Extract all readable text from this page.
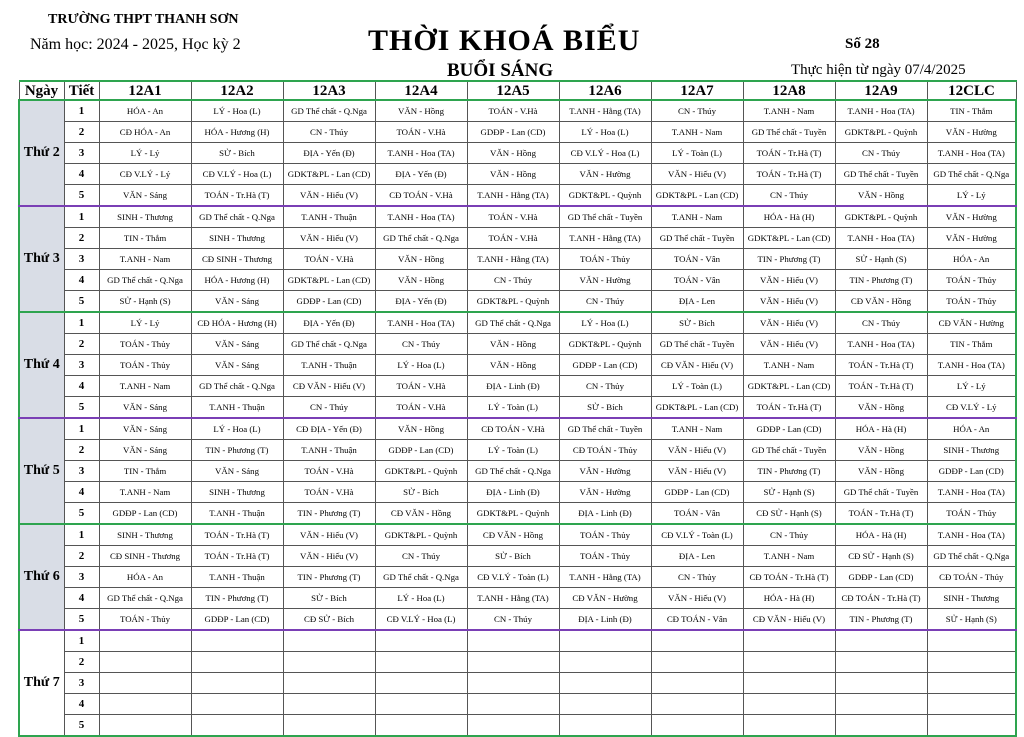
TRƯỜNG THPT THANH SƠN
Năm học: 2024 - 2025, Học kỳ 2	THỜI KHOÁ BIỂU
BUỔI SÁNG
Số 28
Thực hiện từ ngày 07/4/2025
Ngày	Tiết	12A1	12A2	12A3	12A4	12A5	12A6	12A7	12A8	12A9	12CLC
Thứ 2	1	HÓA - An	LÝ - Hoa (L)	GD Thể chất - Q.Nga	VĂN - Hồng	TOÁN - V.Hà	T.ANH - Hằng (TA)	CN - Thúy	T.ANH - Nam	T.ANH - Hoa (TA)	TIN - Thắm
	2	CĐ HÓA - An	HÓA - Hương (H)	CN - Thúy	TOÁN - V.Hà	GDĐP - Lan (CD)	LÝ - Hoa (L)	T.ANH - Nam	GD Thể chất - Tuyền	GDKT&PL - Quỳnh	VĂN - Hường
	3	LÝ - Lý	SỬ - Bích	ĐỊA - Yến (Đ)	T.ANH - Hoa (TA)	VĂN - Hồng	CĐ V.LÝ - Hoa (L)	LÝ - Toàn (L)	TOÁN - Tr.Hà (T)	CN - Thúy	T.ANH - Hoa (TA)
	4	CĐ V.LÝ - Lý	CĐ V.LÝ - Hoa (L)	GDKT&PL - Lan (CD)	ĐỊA - Yến (Đ)	VĂN - Hồng	VĂN - Hường	VĂN - Hiếu (V)	TOÁN - Tr.Hà (T)	GD Thể chất - Tuyền	GD Thể chất - Q.Nga
	5	VĂN - Sáng	TOÁN - Tr.Hà (T)	VĂN - Hiếu (V)	CĐ TOÁN - V.Hà	T.ANH - Hằng (TA)	GDKT&PL - Quỳnh	GDKT&PL - Lan (CD)	CN - Thúy	VĂN - Hồng	LÝ - Lý
Thứ 3	1	SINH - Thương	GD Thể chất - Q.Nga	T.ANH - Thuận	T.ANH - Hoa (TA)	TOÁN - V.Hà	GD Thể chất - Tuyền	T.ANH - Nam	HÓA - Hà (H)	GDKT&PL - Quỳnh	VĂN - Hường
	2	TIN - Thắm	SINH - Thương	VĂN - Hiếu (V)	GD Thể chất - Q.Nga	TOÁN - V.Hà	T.ANH - Hằng (TA)	GD Thể chất - Tuyền	GDKT&PL - Lan (CD)	T.ANH - Hoa (TA)	VĂN - Hường
	3	T.ANH - Nam	CĐ SINH - Thương	TOÁN - V.Hà	VĂN - Hồng	T.ANH - Hằng (TA)	TOÁN - Thủy	TOÁN - Vân	TIN - Phương (T)	SỬ - Hạnh (S)	HÓA - An
	4	GD Thể chất - Q.Nga	HÓA - Hương (H)	GDKT&PL - Lan (CD)	VĂN - Hồng	CN - Thúy	VĂN - Hường	TOÁN - Vân	VĂN - Hiếu (V)	TIN - Phương (T)	TOÁN - Thủy
	5	SỬ - Hạnh (S)	VĂN - Sáng	GDĐP - Lan (CD)	ĐỊA - Yến (Đ)	GDKT&PL - Quỳnh	CN - Thúy	ĐỊA - Len	VĂN - Hiếu (V)	CĐ VĂN - Hồng	TOÁN - Thủy
Thứ 4	1	LÝ - Lý	CĐ HÓA - Hương (H)	ĐỊA - Yến (Đ)	T.ANH - Hoa (TA)	GD Thể chất - Q.Nga	LÝ - Hoa (L)	SỬ - Bích	VĂN - Hiếu (V)	CN - Thúy	CĐ VĂN - Hường
	2	TOÁN - Thủy	VĂN - Sáng	GD Thể chất - Q.Nga	CN - Thúy	VĂN - Hồng	GDKT&PL - Quỳnh	GD Thể chất - Tuyền	VĂN - Hiếu (V)	T.ANH - Hoa (TA)	TIN - Thắm
	3	TOÁN - Thủy	VĂN - Sáng	T.ANH - Thuận	LÝ - Hoa (L)	VĂN - Hồng	GDĐP - Lan (CD)	CĐ VĂN - Hiếu (V)	T.ANH - Nam	TOÁN - Tr.Hà (T)	T.ANH - Hoa (TA)
	4	T.ANH - Nam	GD Thể chất - Q.Nga	CĐ VĂN - Hiếu (V)	TOÁN - V.Hà	ĐỊA - Linh (Đ)	CN - Thủy	LÝ - Toàn (L)	GDKT&PL - Lan (CD)	TOÁN - Tr.Hà (T)	LÝ - Lý
	5	VĂN - Sáng	T.ANH - Thuận	CN - Thúy	TOÁN - V.Hà	LÝ - Toàn (L)	SỬ - Bích	GDKT&PL - Lan (CD)	TOÁN - Tr.Hà (T)	VĂN - Hồng	CĐ V.LÝ - Lý
Thứ 5	1	VĂN - Sáng	LÝ - Hoa (L)	CĐ ĐỊA - Yến (Đ)	VĂN - Hồng	CĐ TOÁN - V.Hà	GD Thể chất - Tuyền	T.ANH - Nam	GDĐP - Lan (CD)	HÓA - Hà (H)	HÓA - An
	2	VĂN - Sáng	TIN - Phương (T)	T.ANH - Thuận	GDĐP - Lan (CD)	LÝ - Toàn (L)	CĐ TOÁN - Thủy	VĂN - Hiếu (V)	GD Thể chất - Tuyền	VĂN - Hồng	SINH - Thương
	3	TIN - Thắm	VĂN - Sáng	TOÁN - V.Hà	GDKT&PL - Quỳnh	GD Thể chất - Q.Nga	VĂN - Hường	VĂN - Hiếu (V)	TIN - Phương (T)	VĂN - Hồng	GDĐP - Lan (CD)
	4	T.ANH - Nam	SINH - Thương	TOÁN - V.Hà	SỬ - Bích	ĐỊA - Linh (Đ)	VĂN - Hường	GDĐP - Lan (CD)	SỬ - Hạnh (S)	GD Thể chất - Tuyền	T.ANH - Hoa (TA)
	5	GDĐP - Lan (CD)	T.ANH - Thuận	TIN - Phương (T)	CĐ VĂN - Hồng	GDKT&PL - Quỳnh	ĐỊA - Linh (Đ)	TOÁN - Vân	CĐ SỬ - Hạnh (S)	TOÁN - Tr.Hà (T)	TOÁN - Thủy
Thứ 6	1	SINH - Thương	TOÁN - Tr.Hà (T)	VĂN - Hiếu (V)	GDKT&PL - Quỳnh	CĐ VĂN - Hồng	TOÁN - Thủy	CĐ V.LÝ - Toàn (L)	CN - Thủy	HÓA - Hà (H)	T.ANH - Hoa (TA)
	2	CĐ SINH - Thương	TOÁN - Tr.Hà (T)	VĂN - Hiếu (V)	CN - Thúy	SỬ - Bích	TOÁN - Thủy	ĐỊA - Len	T.ANH - Nam	CĐ SỬ - Hạnh (S)	GD Thể chất - Q.Nga
	3	HÓA - An	T.ANH - Thuận	TIN - Phương (T)	GD Thể chất - Q.Nga	CĐ V.LÝ - Toàn (L)	T.ANH - Hằng (TA)	CN - Thủy	CĐ TOÁN - Tr.Hà (T)	GDĐP - Lan (CD)	CĐ TOÁN - Thủy
	4	GD Thể chất - Q.Nga	TIN - Phương (T)	SỬ - Bích	LÝ - Hoa (L)	T.ANH - Hằng (TA)	CĐ VĂN - Hường	VĂN - Hiếu (V)	HÓA - Hà (H)	CĐ TOÁN - Tr.Hà (T)	SINH - Thương
	5	TOÁN - Thủy	GDĐP - Lan (CD)	CĐ SỬ - Bích	CĐ V.LÝ - Hoa (L)	CN - Thúy	ĐỊA - Linh (Đ)	CĐ TOÁN - Vân	CĐ VĂN - Hiếu (V)	TIN - Phương (T)	SỬ - Hạnh (S)
Thứ 7	1										
	2										
	3										
	4										
	5										
